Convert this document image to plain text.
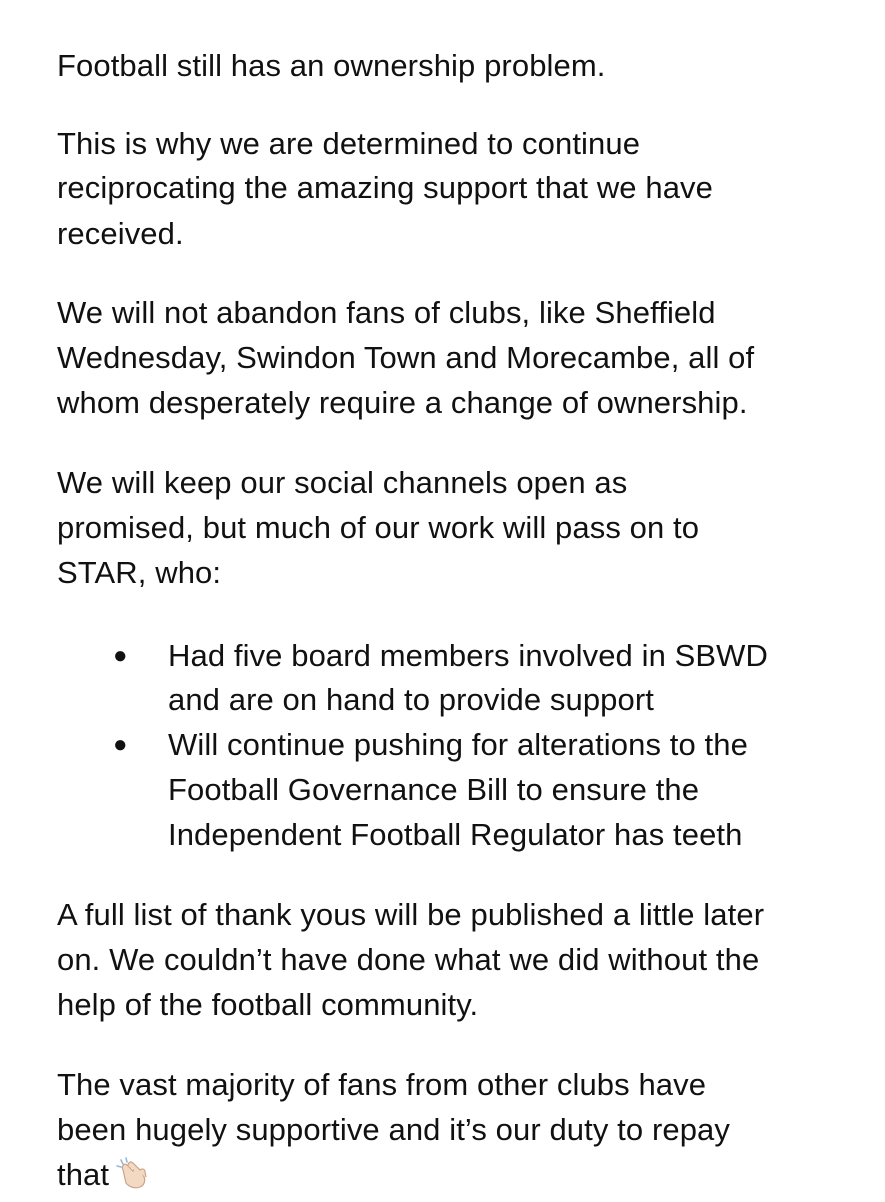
Football still has an ownership problem.
This is why we are determined to continue
reciprocating the amazing support that we have
received.
We will not abandon fans of clubs, like Sheffield
Wednesday, Swindon Town and Morecambe, all of
whom desperately require a change of ownership.
We will keep our social channels open as
promised, but much of our work will pass on to
STAR, who:
● Had five board members involved in SBWD
and are on hand to provide support
● Will continue pushing for alterations to the
Football Governance Bill to ensure the
Independent Football Regulator has teeth
A full list of thank yous will be published a little later
on. We couldn’t have done what we did without the
help of the football community.
The vast majority of fans from other clubs have
been hugely supportive and it’s our duty to repay
that
